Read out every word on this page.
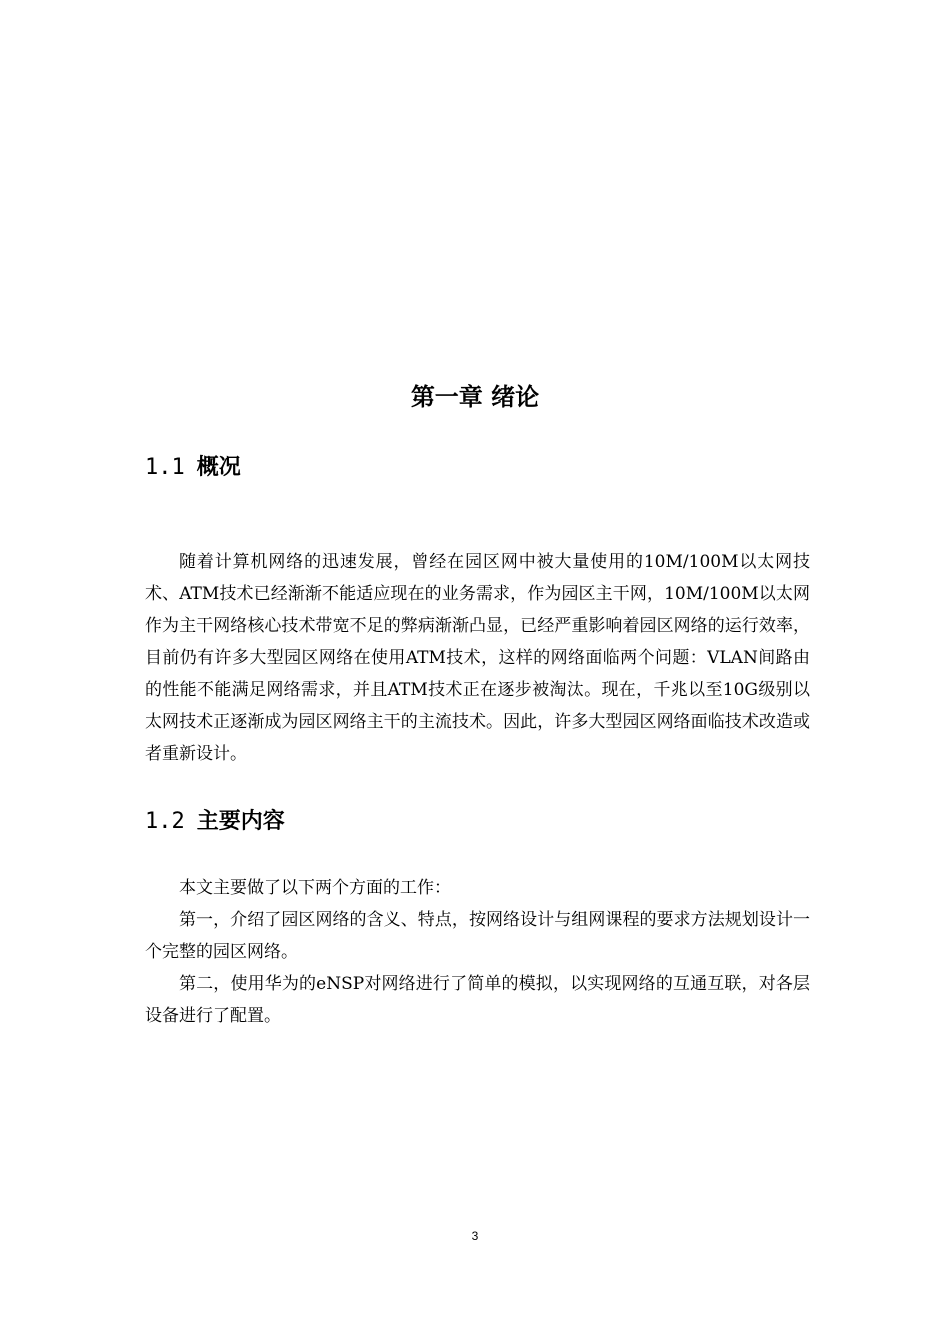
第一章 绪论
1.1 概况

随着计算机网络的迅速发展，曾经在园区网中被大量使用的10M/100M以太网技术、ATM技术已经渐渐不能适应现在的业务需求，作为园区主干网，10M/100M以太网作为主干网络核心技术带宽不足的弊病渐渐凸显，已经严重影响着园区网络的运行效率，目前仍有许多大型园区网络在使用ATM技术，这样的网络面临两个问题：VLAN间路由的性能不能满足网络需求，并且ATM技术正在逐步被淘汰。现在，千兆以至10G级别以太网技术正逐渐成为园区网络主干的主流技术。因此，许多大型园区网络面临技术改造或者重新设计。

1.2 主要内容

本文主要做了以下两个方面的工作：

第一，介绍了园区网络的含义、特点，按网络设计与组网课程的要求方法规划设计一个完整的园区网络。

第二，使用华为的eNSP对网络进行了简单的模拟，以实现网络的互通互联，对各层设备进行了配置。

3
